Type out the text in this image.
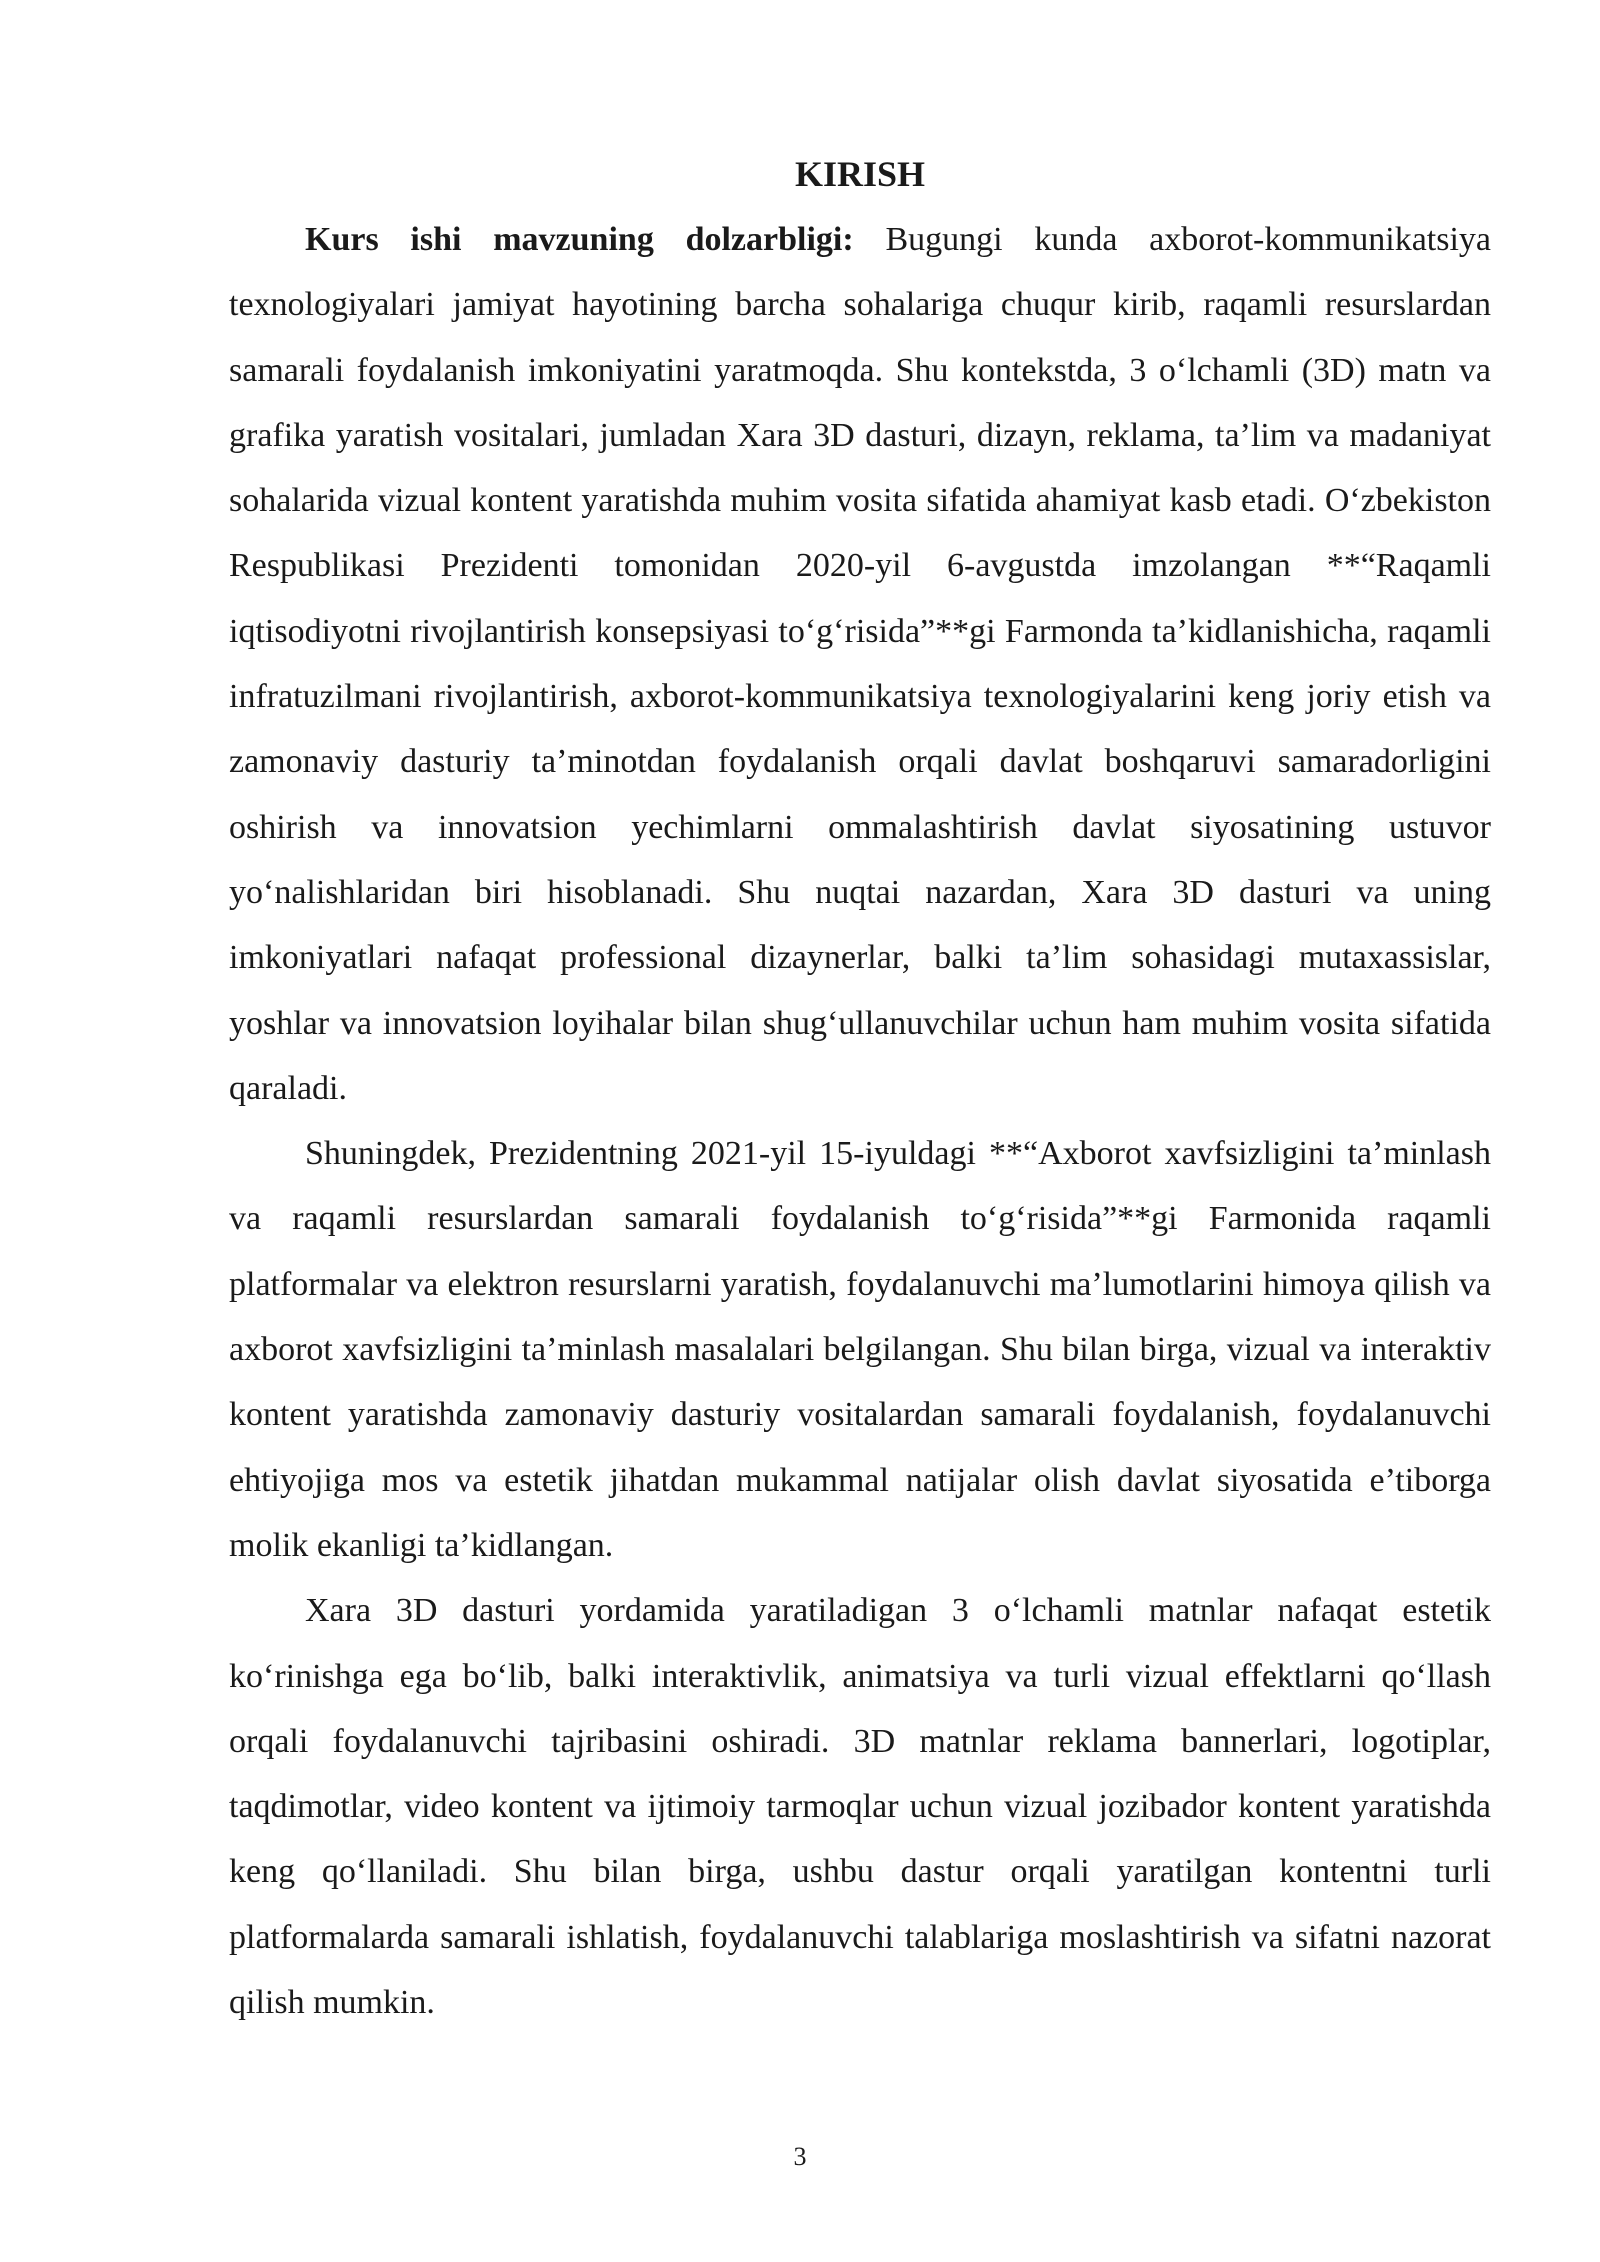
KIRISH

Kurs ishi mavzuning dolzarbligi: Bugungi kunda axborot-kommunikatsiya texnologiyalari jamiyat hayotining barcha sohalariga chuqur kirib, raqamli resurslardan samarali foydalanish imkoniyatini yaratmoqda. Shu kontekstda, 3 o‘lchamli (3D) matn va grafika yaratish vositalari, jumladan Xara 3D dasturi, dizayn, reklama, ta’lim va madaniyat sohalarida vizual kontent yaratishda muhim vosita sifatida ahamiyat kasb etadi. O‘zbekiston Respublikasi Prezidenti tomonidan 2020-yil 6-avgustda imzolangan **“Raqamli iqtisodiyotni rivojlantirish konsepsiyasi to‘g‘risida”**gi Farmonda ta’kidlanishicha, raqamli infratuzilmani rivojlantirish, axborot-kommunikatsiya texnologiyalarini keng joriy etish va zamonaviy dasturiy ta’minotdan foydalanish orqali davlat boshqaruvi samaradorligini oshirish va innovatsion yechimlarni ommalashtirish davlat siyosatining ustuvor yo‘nalishlaridan biri hisoblanadi. Shu nuqtai nazardan, Xara 3D dasturi va uning imkoniyatlari nafaqat professional dizaynerlar, balki ta’lim sohasidagi mutaxassislar, yoshlar va innovatsion loyihalar bilan shug‘ullanuvchilar uchun ham muhim vosita sifatida qaraladi.

Shuningdek, Prezidentning 2021-yil 15-iyuldagi **“Axborot xavfsizligini ta’minlash va raqamli resurslardan samarali foydalanish to‘g‘risida”**gi Farmonida raqamli platformalar va elektron resurslarni yaratish, foydalanuvchi ma’lumotlarini himoya qilish va axborot xavfsizligini ta’minlash masalalari belgilangan. Shu bilan birga, vizual va interaktiv kontent yaratishda zamonaviy dasturiy vositalardan samarali foydalanish, foydalanuvchi ehtiyojiga mos va estetik jihatdan mukammal natijalar olish davlat siyosatida e’tiborga molik ekanligi ta’kidlangan.

Xara 3D dasturi yordamida yaratiladigan 3 o‘lchamli matnlar nafaqat estetik ko‘rinishga ega bo‘lib, balki interaktivlik, animatsiya va turli vizual effektlarni qo‘llash orqali foydalanuvchi tajribasini oshiradi. 3D matnlar reklama bannerlari, logotiplar, taqdimotlar, video kontent va ijtimoiy tarmoqlar uchun vizual jozibador kontent yaratishda keng qo‘llaniladi. Shu bilan birga, ushbu dastur orqali yaratilgan kontentni turli platformalarda samarali ishlatish, foydalanuvchi talablariga moslashtirish va sifatni nazorat qilish mumkin.

3
